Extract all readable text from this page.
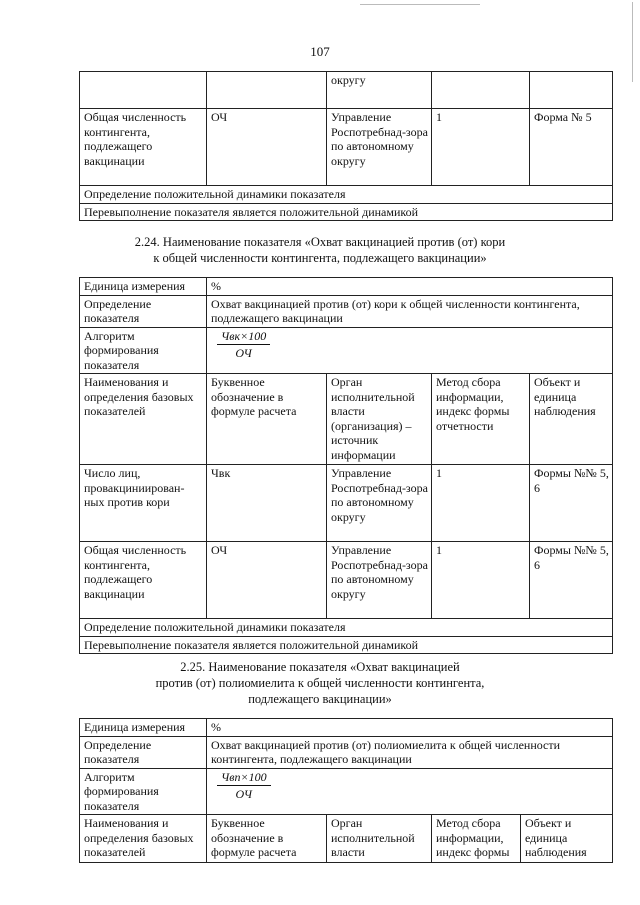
107
		округу		
Общая численность контингента, подлежащего вакцинации	ОЧ	Управление Роспотребнад-зора по автономному округу	1	Форма № 5
Определение положительной динамики показателя				
Перевыполнение показателя является положительной динамикой				
2.24. Наименование показателя «Охват вакцинацией против (от) кори
к общей численности контингента, подлежащего вакцинации»
Единица измерения	%			
Определение показателя	Охват вакцинацией против (от) кори к общей численности контингента, подлежащего вакцинации			
Алгоритм формирования показателя	$\frac{\text{Чвк×100}}{ОЧ}$

Наименования и определения базовых показателей	Буквенное обозначение в формуле расчета	Орган исполнительной власти (организация) – источник информации	Метод сбора информации, индекс формы отчетности	Объект и единица наблюдения
Число лиц, провакциниирован-ных против кори	Чвк	Управление Роспотребнад-зора по автономному округу	1	Формы №№ 5, 6
Общая численность контингента, подлежащего вакцинации	ОЧ	Управление Роспотребнад-зора по автономному округу	1	Формы №№ 5, 6
Определение положительной динамики показателя				
Перевыполнение показателя является положительной динамикой				
2.25. Наименование показателя «Охват вакцинацией
против (от) полиомиелита к общей численности контингента,
подлежащего вакцинации»
Единица измерения	%			
Определение показателя	Охват вакцинацией против (от) полиомиелита к общей численности контингента, подлежащего вакцинации			
Алгоритм формирования показателя	$\frac{\text{Чвп×100}}{ОЧ}$

Наименования и определения базовых показателей	Буквенное обозначение в формуле расчета	Орган исполнительной власти	Метод сбора информации, индекс формы	Объект и единица наблюдения
